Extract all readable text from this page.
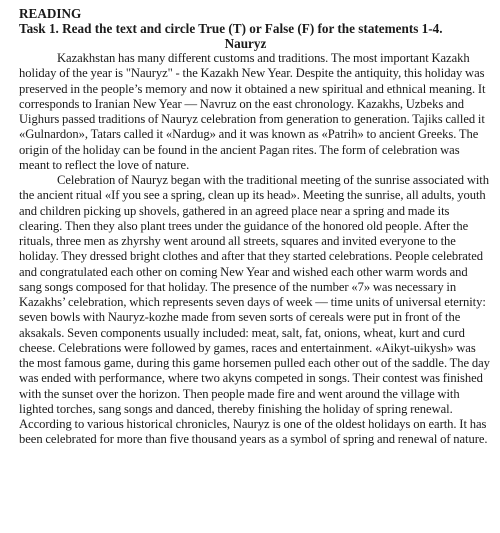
READING

Task 1. Read the text and circle True (T) or False (F) for the statements 1-4.

Nauryz

Kazakhstan has many different customs and traditions. The most important Kazakh holiday of the year is "Nauryz" - the Kazakh New Year. Despite the antiquity, this holiday was preserved in the people’s memory and now it obtained a new spiritual and ethnical meaning. It corresponds to Iranian New Year — Navruz on the east chronology. Kazakhs, Uzbeks and Uighurs passed traditions of Nauryz celebration from generation to generation. Tajiks called it «Gulnardon», Tatars called it «Nardug» and it was known as «Patrih» to ancient Greeks. The origin of the holiday can be found in the ancient Pagan rites. The form of celebration was meant to reflect the love of nature.

Celebration of Nauryz began with the traditional meeting of the sunrise associated with the ancient ritual «If you see a spring, clean up its head». Meeting the sunrise, all adults, youth and children picking up shovels, gathered in an agreed place near a spring and made its clearing. Then they also plant trees under the guidance of the honored old people. After the rituals, three men as zhyrshy went around all streets, squares and invited everyone to the holiday. They dressed bright clothes and after that they started celebrations. People celebrated and congratulated each other on coming New Year and wished each other warm words and sang songs composed for that holiday. The presence of the number «7» was necessary in Kazakhs’ celebration, which represents seven days of week — time units of universal eternity: seven bowls with Nauryz-kozhe made from seven sorts of cereals were put in front of the aksakals. Seven components usually included: meat, salt, fat, onions, wheat, kurt and curd cheese. Celebrations were followed by games, races and entertainment. «Aikyt-uikysh» was the most famous game, during this game horsemen pulled each other out of the saddle. The day was ended with performance, where two akyns competed in songs. Their contest was finished with the sunset over the horizon. Then people made fire and went around the village with lighted torches, sang songs and danced, thereby finishing the holiday of spring renewal. According to various historical chronicles, Nauryz is one of the oldest holidays on earth. It has been celebrated for more than five thousand years as a symbol of spring and renewal of nature.
